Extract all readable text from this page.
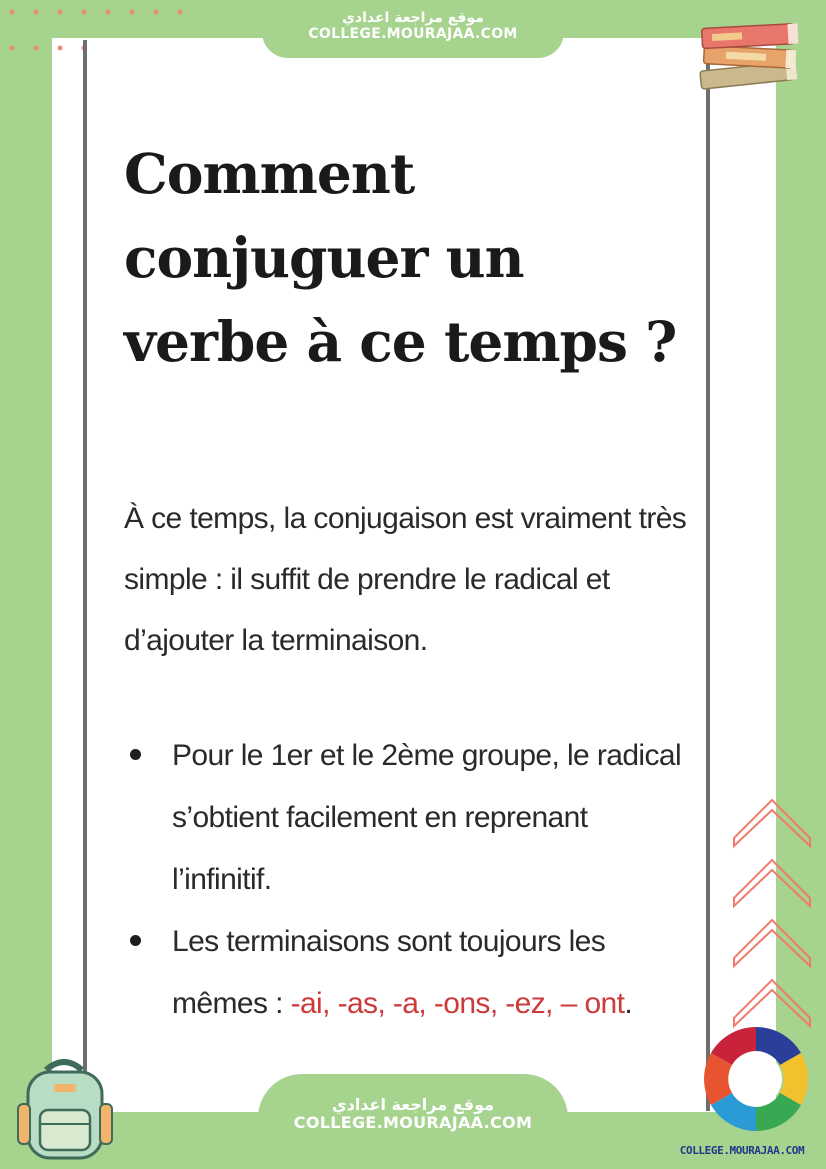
موقع مراجعة اعدادي
COLLEGE.MOURAJAA.COM
Comment conjuguer un verbe à ce temps ?

À ce temps, la conjugaison est vraiment très simple : il suffit de prendre le radical et d’ajouter la terminaison.

Pour le 1er et le 2ème groupe, le radical s’obtient facilement en reprenant l’infinitif.
Les terminaisons sont toujours les mêmes : -ai, -as, -a, -ons, -ez, – ont.
موقع مراجعة اعدادي
COLLEGE.MOURAJAA.COM
COLLEGE.MOURAJAA.COM
